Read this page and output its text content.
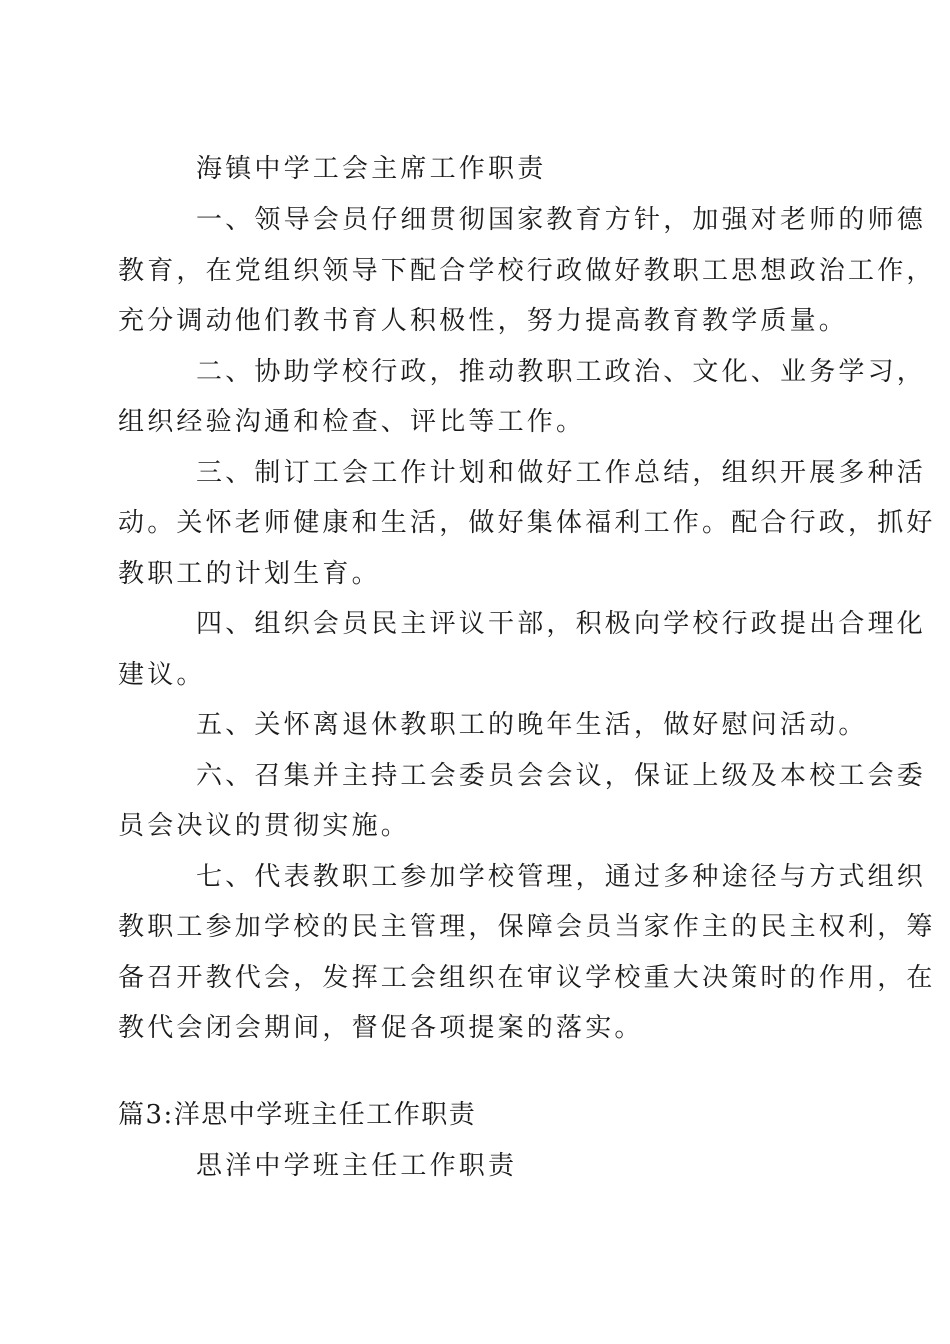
海镇中学工会主席工作职责
一、领导会员仔细贯彻国家教育方针，加强对老师的师德
教育，在党组织领导下配合学校行政做好教职工思想政治工作，
充分调动他们教书育人积极性，努力提高教育教学质量。
二、协助学校行政，推动教职工政治、文化、业务学习，
组织经验沟通和检查、评比等工作。
三、制订工会工作计划和做好工作总结，组织开展多种活
动。关怀老师健康和生活，做好集体福利工作。配合行政，抓好
教职工的计划生育。
四、组织会员民主评议干部，积极向学校行政提出合理化
建议。
五、关怀离退休教职工的晚年生活，做好慰问活动。
六、召集并主持工会委员会会议，保证上级及本校工会委
员会决议的贯彻实施。
七、代表教职工参加学校管理，通过多种途径与方式组织
教职工参加学校的民主管理，保障会员当家作主的民主权利，筹
备召开教代会，发挥工会组织在审议学校重大决策时的作用，在
教代会闭会期间，督促各项提案的落实。
篇3:洋思中学班主任工作职责
思洋中学班主任工作职责
